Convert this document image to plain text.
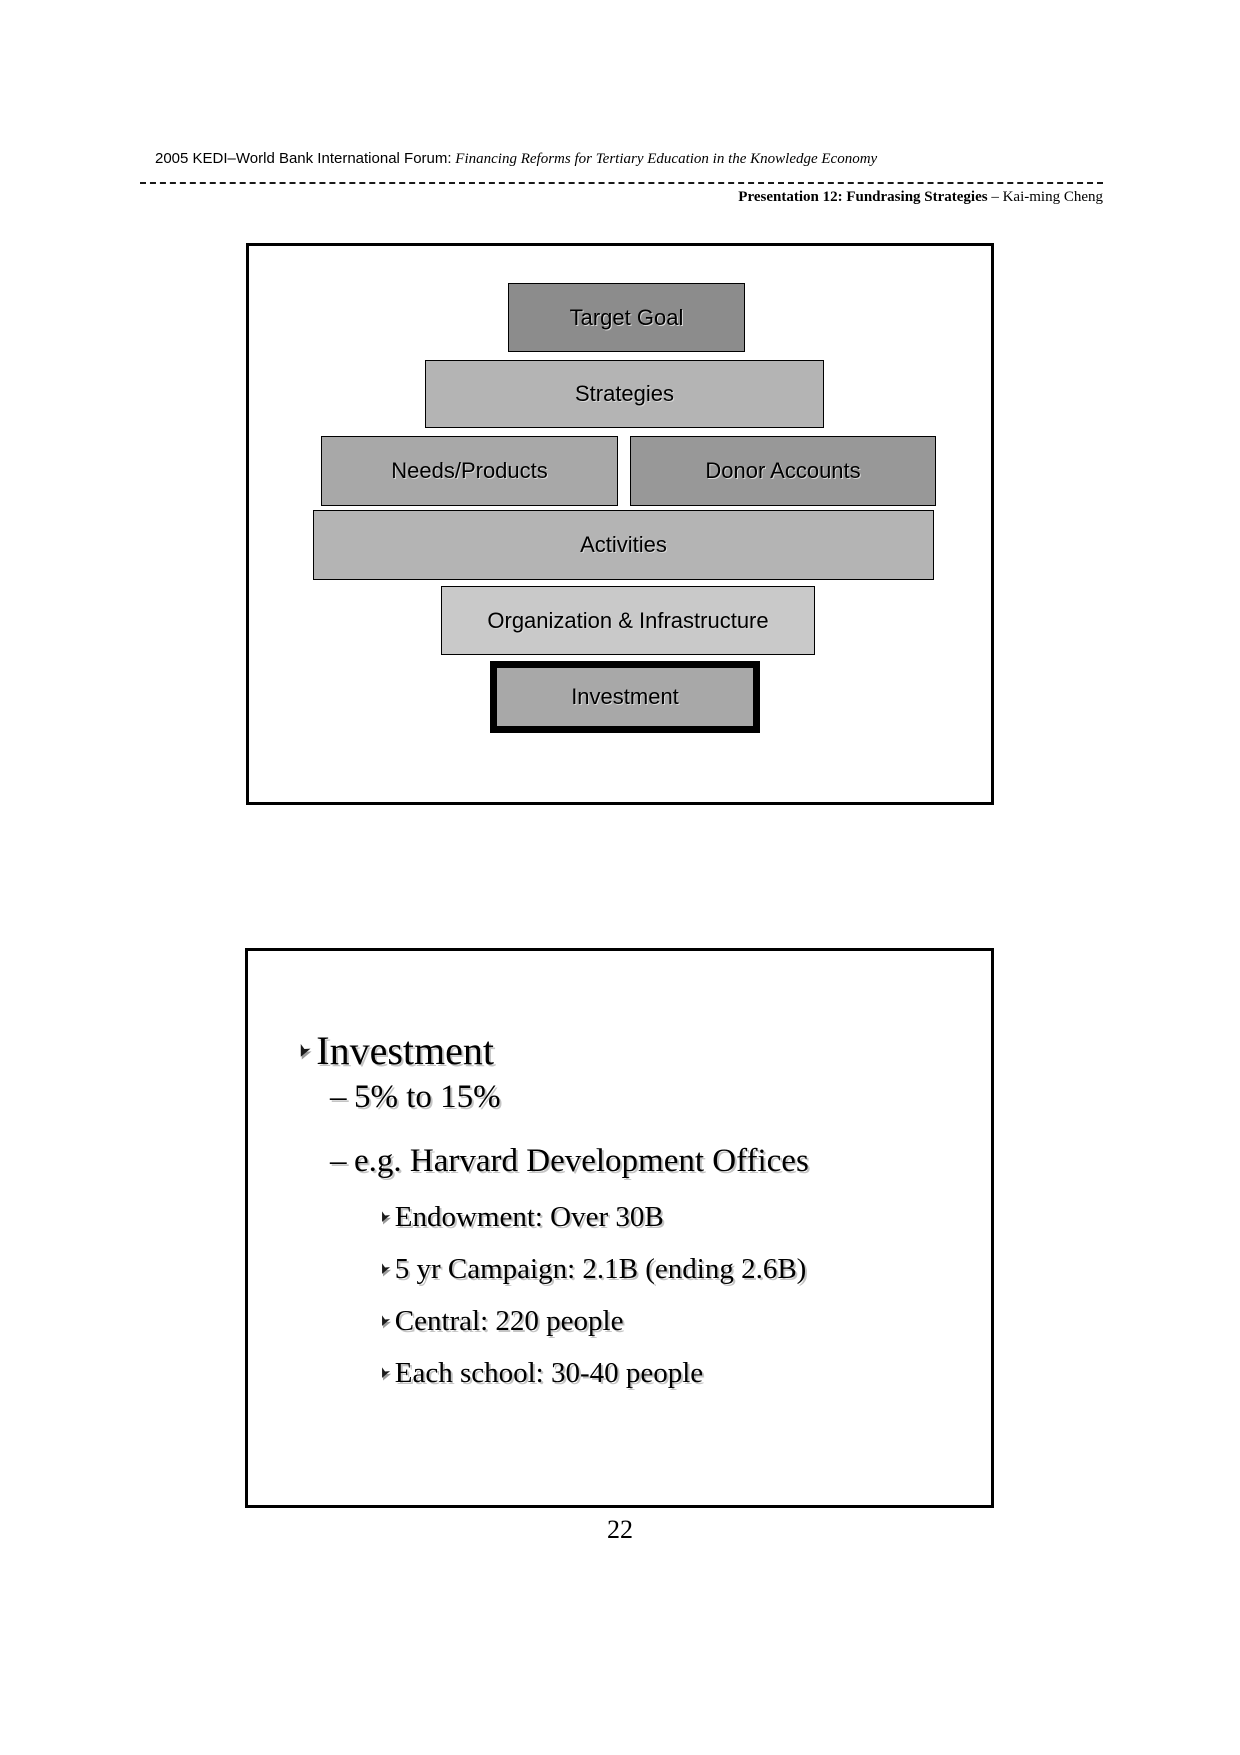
2005 KEDI–World Bank International Forum: Financing Reforms for Tertiary Education in the Knowledge Economy
Presentation 12: Fundrasing Strategies – Kai-ming Cheng
Target Goal
Strategies
Needs/Products	Donor Accounts
Activities
Organization & Infrastructure
Investment
➤ Investment
– 5% to 15%
– e.g. Harvard Development Offices
➤ Endowment: Over 30B
➤ 5 yr Campaign: 2.1B (ending 2.6B)
➤ Central: 220 people
➤ Each school: 30-40 people
22
